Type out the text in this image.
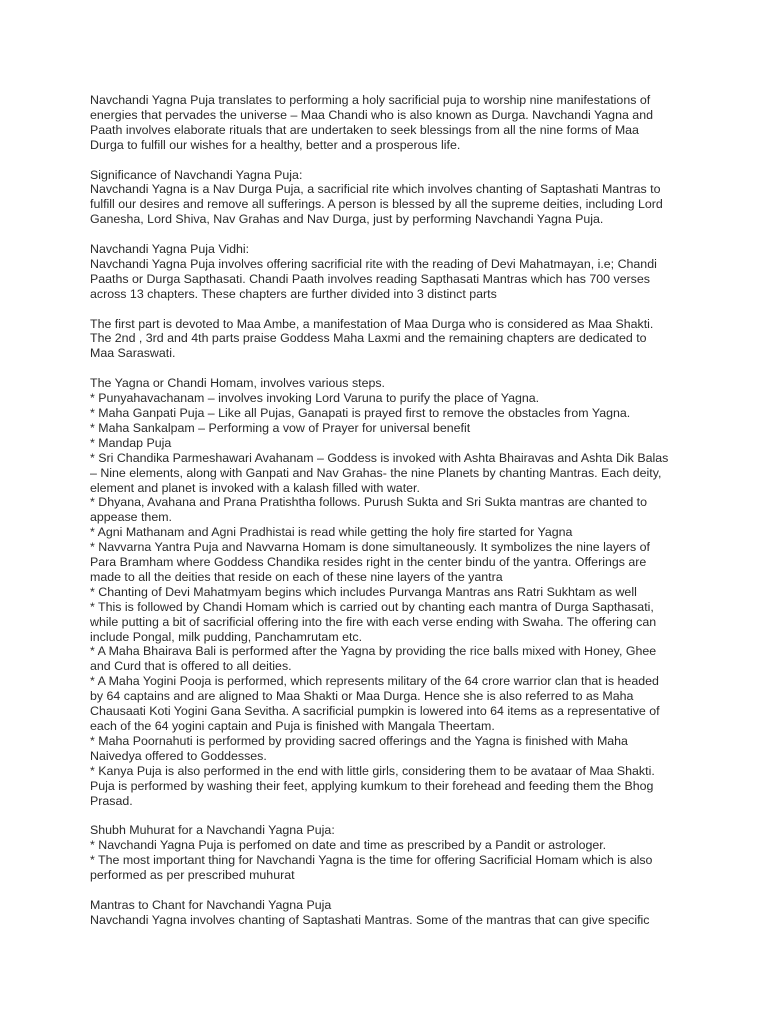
Navchandi Yagna Puja translates to performing a holy sacrificial puja to worship nine manifestations of
energies that pervades the universe – Maa Chandi who is also known as Durga. Navchandi Yagna and
Paath involves elaborate rituals that are undertaken to seek blessings from all the nine forms of Maa
Durga to fulfill our wishes for a healthy, better and a prosperous life.
Significance of Navchandi Yagna Puja:
Navchandi Yagna is a Nav Durga Puja, a sacrificial rite which involves chanting of Saptashati Mantras to
fulfill our desires and remove all sufferings. A person is blessed by all the supreme deities, including Lord
Ganesha, Lord Shiva, Nav Grahas and Nav Durga, just by performing Navchandi Yagna Puja.
Navchandi Yagna Puja Vidhi:
Navchandi Yagna Puja involves offering sacrificial rite with the reading of Devi Mahatmayan, i.e; Chandi
Paaths or Durga Sapthasati. Chandi Paath involves reading Sapthasati Mantras which has 700 verses
across 13 chapters. These chapters are further divided into 3 distinct parts
The first part is devoted to Maa Ambe, a manifestation of Maa Durga who is considered as Maa Shakti.
The 2nd , 3rd and 4th parts praise Goddess Maha Laxmi and the remaining chapters are dedicated to
Maa Saraswati.
The Yagna or Chandi Homam, involves various steps.
* Punyahavachanam – involves invoking Lord Varuna to purify the place of Yagna.
* Maha Ganpati Puja – Like all Pujas, Ganapati is prayed first to remove the obstacles from Yagna.
* Maha Sankalpam – Performing a vow of Prayer for universal benefit
* Mandap Puja
* Sri Chandika Parmeshawari Avahanam – Goddess is invoked with Ashta Bhairavas and Ashta Dik Balas
– Nine elements, along with Ganpati and Nav Grahas- the nine Planets by chanting Mantras. Each deity,
element and planet is invoked with a kalash filled with water.
* Dhyana, Avahana and Prana Pratishtha follows. Purush Sukta and Sri Sukta mantras are chanted to
appease them.
* Agni Mathanam and Agni Pradhistai is read while getting the holy fire started for Yagna
* Navvarna Yantra Puja and Navvarna Homam is done simultaneously. It symbolizes the nine layers of
Para Bramham where Goddess Chandika resides right in the center bindu of the yantra. Offerings are
made to all the deities that reside on each of these nine layers of the yantra
* Chanting of Devi Mahatmyam begins which includes Purvanga Mantras ans Ratri Sukhtam as well
* This is followed by Chandi Homam which is carried out by chanting each mantra of Durga Sapthasati,
while putting a bit of sacrificial offering into the fire with each verse ending with Swaha. The offering can
include Pongal, milk pudding, Panchamrutam etc.
* A Maha Bhairava Bali is performed after the Yagna by providing the rice balls mixed with Honey, Ghee
and Curd that is offered to all deities.
* A Maha Yogini Pooja is performed, which represents military of the 64 crore warrior clan that is headed
by 64 captains and are aligned to Maa Shakti or Maa Durga. Hence she is also referred to as Maha
Chausaati Koti Yogini Gana Sevitha. A sacrificial pumpkin is lowered into 64 items as a representative of
each of the 64 yogini captain and Puja is finished with Mangala Theertam.
* Maha Poornahuti is performed by providing sacred offerings and the Yagna is finished with Maha
Naivedya offered to Goddesses.
* Kanya Puja is also performed in the end with little girls, considering them to be avataar of Maa Shakti.
Puja is performed by washing their feet, applying kumkum to their forehead and feeding them the Bhog
Prasad.
Shubh Muhurat for a Navchandi Yagna Puja:
* Navchandi Yagna Puja is perfomed on date and time as prescribed by a Pandit or astrologer.
* The most important thing for Navchandi Yagna is the time for offering Sacrificial Homam which is also
performed as per prescribed muhurat
Mantras to Chant for Navchandi Yagna Puja
Navchandi Yagna involves chanting of Saptashati Mantras. Some of the mantras that can give specific
